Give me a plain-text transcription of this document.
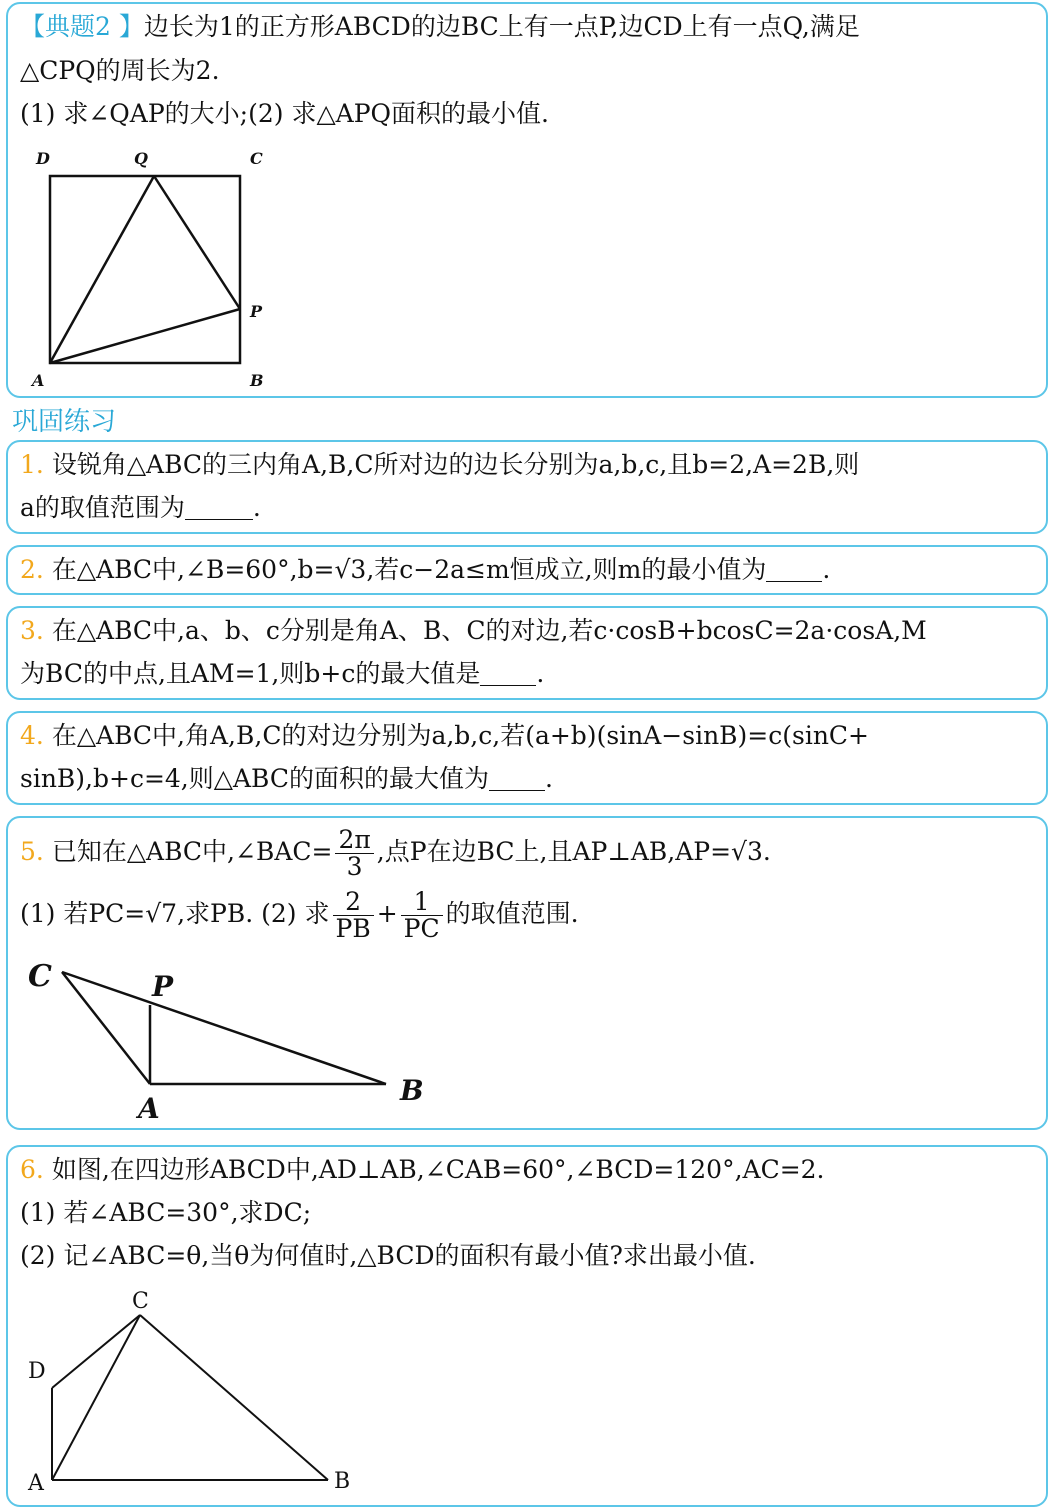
【典题2 】边长为1的正方形ABCD的边BC上有一点P,边CD上有一点Q,满足
△CPQ的周长为2.
(1) 求∠QAP的大小;(2) 求△APQ面积的最小值.
D	Q	C
P
A	B
巩固练习
1. 设锐角△ABC的三内角A,B,C所对边的边长分别为a,b,c,且b=2,A=2B,则
a的取值范围为	.
2. 在△ABC中,∠B=60°,b=√3,若c−2a≤m恒成立,则m的最小值为 .
3. 在△ABC中,a、b、c分别是角A、B、C的对边,若c·cosB+bcosC=2a·cosA,M
为BC的中点,且AM=1,则b+c的最大值是 .
4. 在△ABC中,角A,B,C的对边分别为a,b,c,若(a+b)(sinA−sinB)=c(sinC+
sinB),b+c=4,则△ABC的面积的最大值为 .
5. 已知在△ABC中,∠BAC= $\frac{2\pi}{3}$ ,点P在边BC上,且AP⊥AB,AP=√3.
(1) 若PC=√7,求PB. (2) 求 $\frac{2}{PB} + \frac{1}{PC}$ 的取值范围.
C	P
A
B
6. 如图,在四边形ABCD中,AD⊥AB,∠CAB=60°,∠BCD=120°,AC=2.
(1) 若∠ABC=30°,求DC;
(2) 记∠ABC=θ,当θ为何值时,△BCD的面积有最小值?求出最小值.
C
D
A	B
